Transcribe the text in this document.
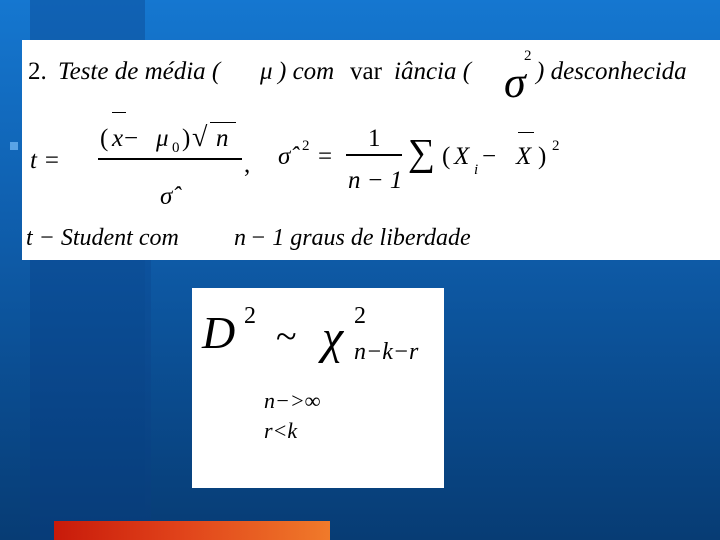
2. Teste de média ( μ ) com var iância ( σ
2
) desconhecida
t =
( x − μ 0 ) √ n
σ̂
, σ̂ 2 =
1
n − 1
∑ ( X i − X ) 2
t − Student com n − 1 graus de liberdade
D 2 ~ χ 2
n−k−r
n−>∞
r<k
